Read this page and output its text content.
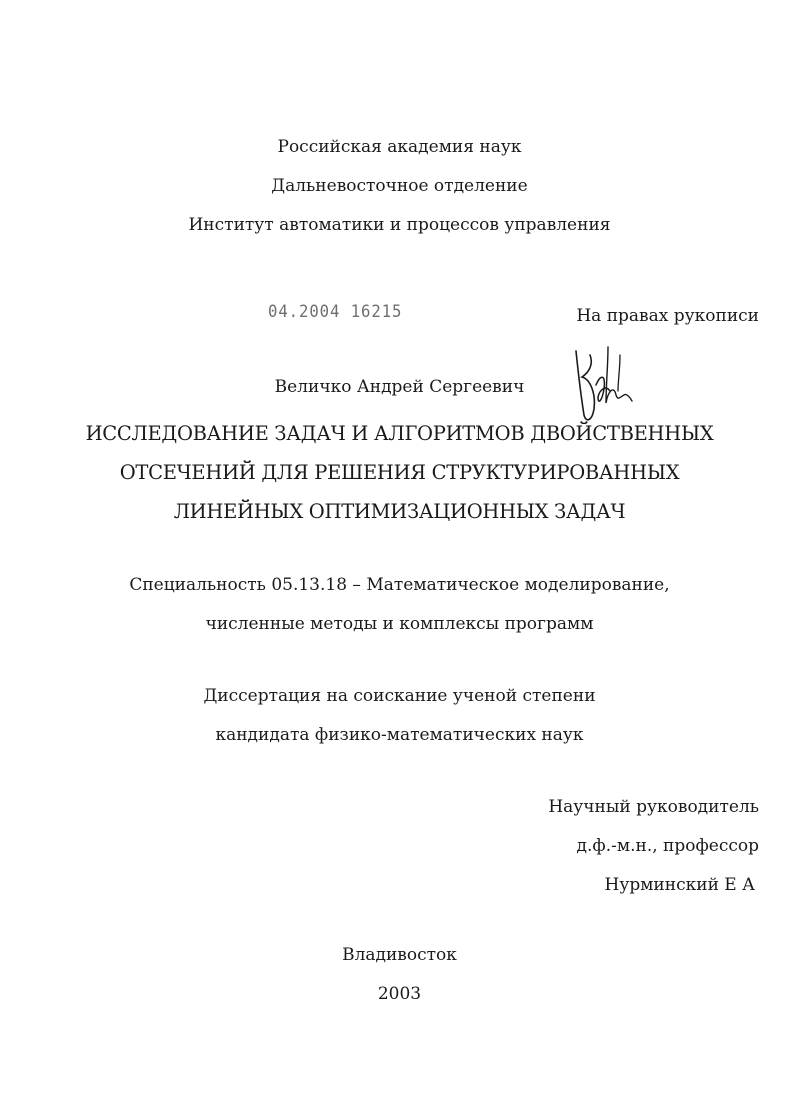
Российская академия наук
Дальневосточное отделение
Институт автоматики и процессов управления
04.2004 16215	На правах рукописи
Величко Андрей Сергеевич
ИССЛЕДОВАНИЕ ЗАДАЧ И АЛГОРИТМОВ ДВОЙСТВЕННЫХ
ОТСЕЧЕНИЙ ДЛЯ РЕШЕНИЯ СТРУКТУРИРОВАННЫХ
ЛИНЕЙНЫХ ОПТИМИЗАЦИОННЫХ ЗАДАЧ
Специальность 05.13.18 – Математическое моделирование,
численные методы и комплексы программ
Диссертация на соискание ученой степени
кандидата физико-математических наук
Научный руководитель
д.ф.-м.н., профессор
Нурминский Е А
Владивосток
2003
